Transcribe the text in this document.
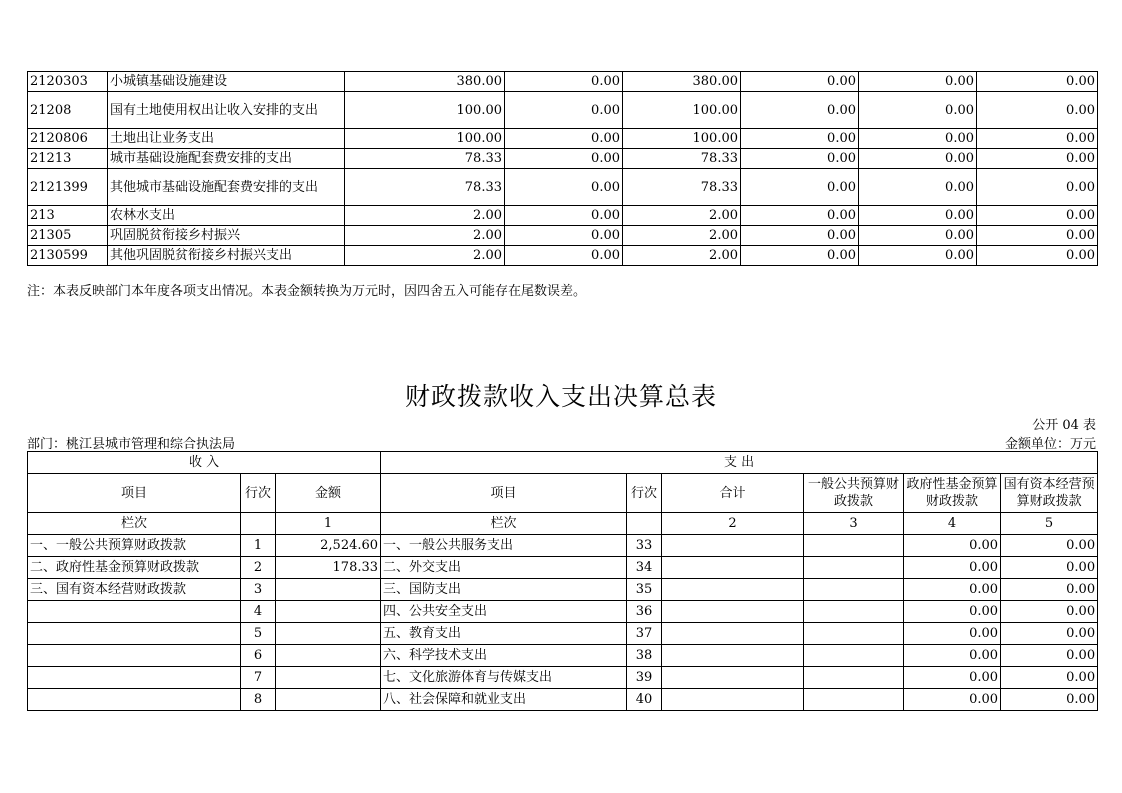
2120303	小城镇基础设施建设	380.00	0.00	380.00	0.00	0.00	0.00
21208	国有土地使用权出让收入安排的支出	100.00	0.00	100.00	0.00	0.00	0.00
2120806	土地出让业务支出	100.00	0.00	100.00	0.00	0.00	0.00
21213	城市基础设施配套费安排的支出	78.33	0.00	78.33	0.00	0.00	0.00
2121399	其他城市基础设施配套费安排的支出	78.33	0.00	78.33	0.00	0.00	0.00
213	农林水支出	2.00	0.00	2.00	0.00	0.00	0.00
21305	巩固脱贫衔接乡村振兴	2.00	0.00	2.00	0.00	0.00	0.00
2130599	其他巩固脱贫衔接乡村振兴支出	2.00	0.00	2.00	0.00	0.00	0.00
注：本表反映部门本年度各项支出情况。本表金额转换为万元时，因四舍五入可能存在尾数误差。
财政拨款收入支出决算总表
公开 04 表
部门：桃江县城市管理和综合执法局	金额单位：万元
收 入			支 出					
项目	行次	金额	项目	行次	合计	一般公共预算财政拨款	政府性基金预算财政拨款	国有资本经营预算财政拨款
栏次		1	栏次		2	3	4	5
一、一般公共预算财政拨款	1	2,524.60	一、一般公共服务支出	33			0.00	0.00
二、政府性基金预算财政拨款	2	178.33	二、外交支出	34			0.00	0.00
三、国有资本经营财政拨款	3		三、国防支出	35			0.00	0.00
	4		四、公共安全支出	36			0.00	0.00
	5		五、教育支出	37			0.00	0.00
	6		六、科学技术支出	38			0.00	0.00
	7		七、文化旅游体育与传媒支出	39			0.00	0.00
	8		八、社会保障和就业支出	40			0.00	0.00
